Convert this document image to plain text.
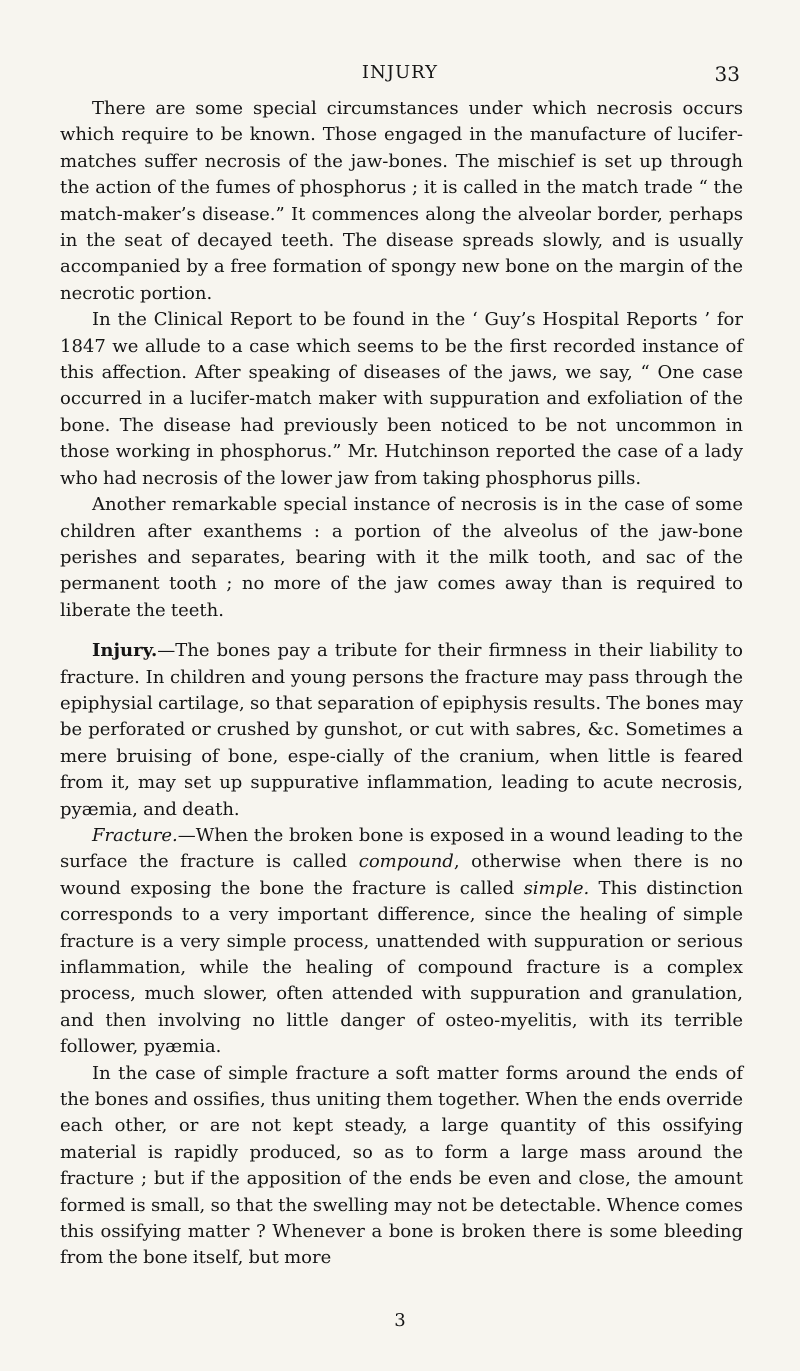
INJURY	33

There are some special circumstances under which necrosis occurs which require to be known. Those engaged in the manufacture of lucifer-matches suffer necrosis of the jaw-bones. The mischief is set up through the action of the fumes of phosphorus ; it is called in the match trade “ the match-maker’s disease.” It commences along the alveolar border, perhaps in the seat of decayed teeth. The disease spreads slowly, and is usually accompanied by a free formation of spongy new bone on the margin of the necrotic portion.

In the Clinical Report to be found in the ‘ Guy’s Hospital Reports ’ for 1847 we allude to a case which seems to be the first recorded instance of this affection. After speaking of diseases of the jaws, we say, “ One case occurred in a lucifer-match maker with suppuration and exfoliation of the bone. The disease had previously been noticed to be not uncommon in those working in phosphorus.” Mr. Hutchinson reported the case of a lady who had necrosis of the lower jaw from taking phosphorus pills.

Another remarkable special instance of necrosis is in the case of some children after exanthems : a portion of the alveolus of the jaw-bone perishes and separates, bearing with it the milk tooth, and sac of the permanent tooth ; no more of the jaw comes away than is required to liberate the teeth.

Injury.—The bones pay a tribute for their firmness in their liability to fracture. In children and young persons the fracture may pass through the epiphysial cartilage, so that separation of epiphysis results. The bones may be perforated or crushed by gunshot, or cut with sabres, &c. Sometimes a mere bruising of bone, espe-cially of the cranium, when little is feared from it, may set up suppurative inflammation, leading to acute necrosis, pyæmia, and death.

Fracture.—When the broken bone is exposed in a wound leading to the surface the fracture is called compound, otherwise when there is no wound exposing the bone the fracture is called simple. This distinction corresponds to a very important difference, since the healing of simple fracture is a very simple process, unattended with suppuration or serious inflammation, while the healing of compound fracture is a complex process, much slower, often attended with suppuration and granulation, and then involving no little danger of osteo-myelitis, with its terrible follower, pyæmia.

In the case of simple fracture a soft matter forms around the ends of the bones and ossifies, thus uniting them together. When the ends override each other, or are not kept steady, a large quantity of this ossifying material is rapidly produced, so as to form a large mass around the fracture ; but if the apposition of the ends be even and close, the amount formed is small, so that the swelling may not be detectable. Whence comes this ossifying matter ? Whenever a bone is broken there is some bleeding from the bone itself, but more

3
